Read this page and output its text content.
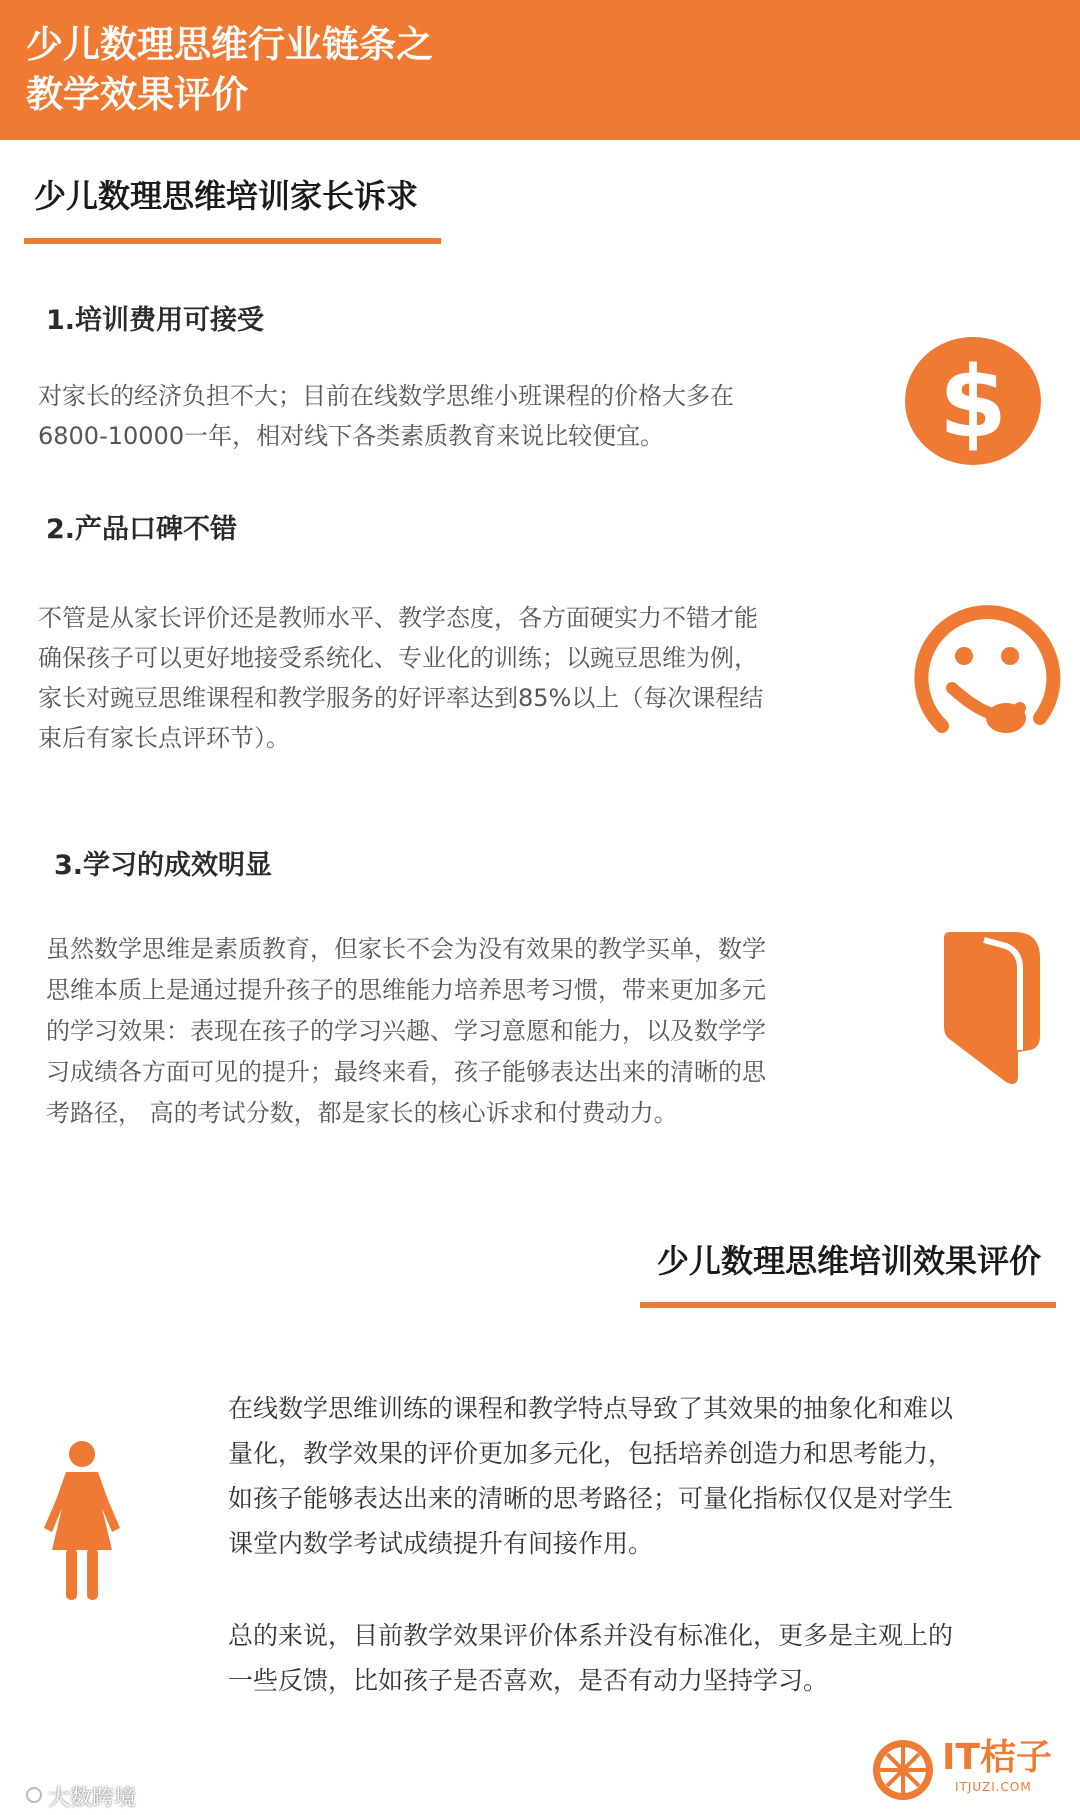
少儿数理思维行业链条之
教学效果评价
少儿数理思维培训家长诉求
1.培训费用可接受
对家长的经济负担不大；目前在线数学思维小班课程的价格大多在
6800-10000一年，相对线下各类素质教育来说比较便宜。	$
2.产品口碑不错
不管是从家长评价还是教师水平、教学态度，各方面硬实力不错才能
确保孩子可以更好地接受系统化、专业化的训练；以豌豆思维为例，
家长对豌豆思维课程和教学服务的好评率达到85%以上（每次课程结
束后有家长点评环节）。
3.学习的成效明显
虽然数学思维是素质教育，但家长不会为没有效果的教学买单，数学
思维本质上是通过提升孩子的思维能力培养思考习惯，带来更加多元
的学习效果：表现在孩子的学习兴趣、学习意愿和能力，以及数学学
习成绩各方面可见的提升；最终来看，孩子能够表达出来的清晰的思
考路径， 高的考试分数，都是家长的核心诉求和付费动力。
少儿数理思维培训效果评价
在线数学思维训练的课程和教学特点导致了其效果的抽象化和难以
量化，教学效果的评价更加多元化，包括培养创造力和思考能力，
如孩子能够表达出来的清晰的思考路径；可量化指标仅仅是对学生
课堂内数学考试成绩提升有间接作用。
总的来说，目前教学效果评价体系并没有标准化，更多是主观上的
一些反馈，比如孩子是否喜欢，是否有动力坚持学习。
IT桔子
ITJUZI.COM
大数跨境
